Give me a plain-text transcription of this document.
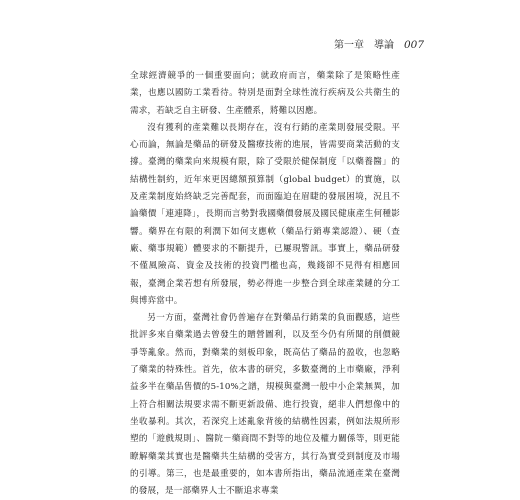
第一章 導論 007

全球經濟競爭的一個重要面向；就政府而言，藥業除了是策略性產業，也應以國防工業看待。特別是面對全球性流行疾病及公共衛生的需求，若缺乏自主研發、生產體系，將難以因應。

沒有獲利的產業難以長期存在，沒有行銷的產業則發展受限。平心而論，無論是藥品的研發及醫療技術的進展，皆需要商業活動的支撐。臺灣的藥業向來規模有限，除了受限於健保制度「以藥養醫」的結構性制約，近年來更因總額預算制（global budget）的實施，以及產業制度始終缺乏完善配套，而面臨迫在眉睫的發展困境，況且不論藥價「連連降」，長期而言勢對我國藥價發展及國民健康產生何種影響。藥界在有限的利潤下如何支應軟（藥品行銷專業認證）、硬（查廠、藥事規範）體要求的不斷提升，已屢現警訊。事實上，藥品研發不僅風險高、資金及技術的投資門檻也高，幾錢卻不見得有相應回報，臺灣企業若想有所發展，勢必得進一步整合到全球產業鏈的分工與博弈當中。

另一方面，臺灣社會仍普遍存在對藥品行銷業的負面觀感，這些批評多來自藥業過去曾發生的贈營圖利，以及至今仍有所聞的削價競爭等亂象。然而，對藥業的刻板印象，既高估了藥品的盈收，也忽略了藥業的特殊性。首先，依本書的研究，多數臺灣的上市藥廠，淨利益多半在藥品售價的5-10%之譜，規模與臺灣一般中小企業無異，加上符合相關法規要求需不斷更新設備、進行投資，絕非人們想像中的坐收暴利。其次，若深究上述亂象背後的結構性因素，例如法規所形塑的「遊戲規則」、醫院－藥商間不對等的地位及權力關係等，則更能瞭解藥業其實也是醫藥共生結構的受害方，其行為實受到制度及市場的引導。第三，也是最重要的，如本書所指出，藥品流通產業在臺灣的發展，是一部藥界人士不斷追求專業
